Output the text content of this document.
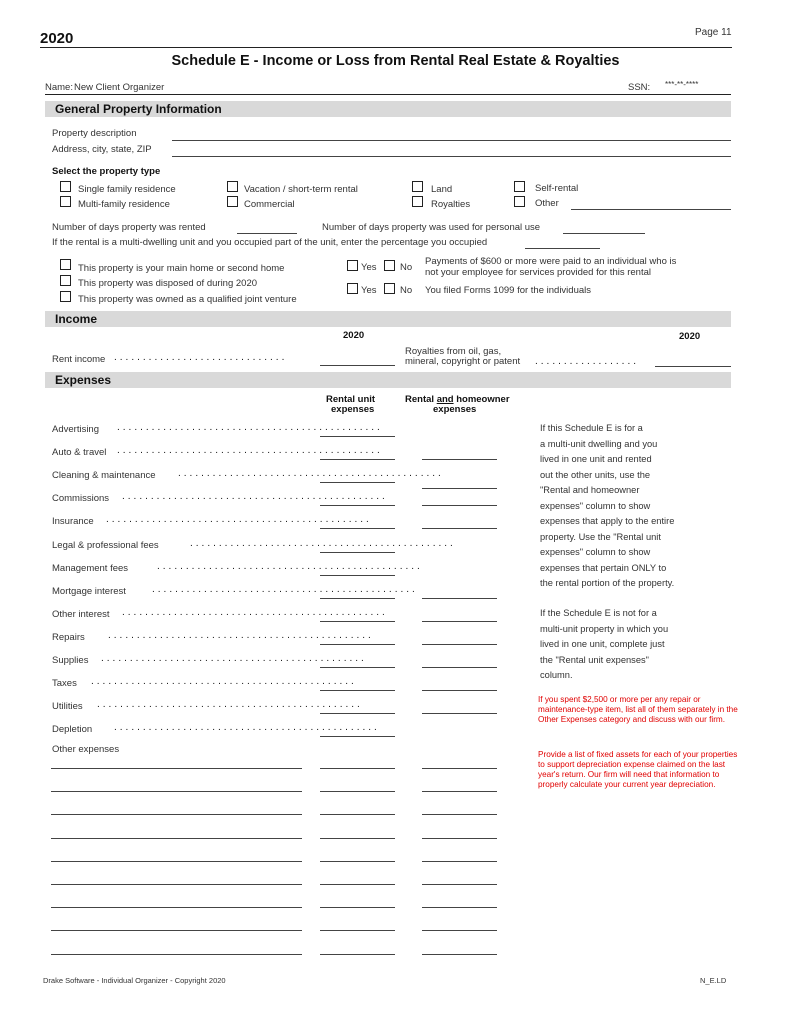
2020	Page 11
Schedule E - Income or Loss from Rental Real Estate & Royalties
Name: New Client Organizer	SSN: ***-**-****
General Property Information
Property description
Address, city, state, ZIP
Select the property type
Single family residence
Multi-family residence
Vacation / short-term rental
Commercial
Land
Royalties
Self-rental
Other
Number of days property was rented	Number of days property was used for personal use
If the rental is a multi-dwelling unit and you occupied part of the unit, enter the percentage you occupied
This property is your main home or second home
This property was disposed of during 2020
This property was owned as a qualified joint venture
Yes No
Payments of $600 or more were paid to an individual who is
not your employee for services provided for this rental
Yes No You filed Forms 1099 for the individuals
Income
2020	2020
Rent income ..............................
Royalties from oil, gas,
mineral, copyright or patent ..................
Expenses
Rental unit
expenses
Rental and homeowner
expenses
Advertising ..............................................
Auto & travel ..............................................
Cleaning & maintenance ..............................................
Commissions ..............................................
Insurance ..............................................
Legal & professional fees	..............................................
Management fees	..............................................
Mortgage interest	..............................................
Other interest ..............................................
Repairs ..............................................
Supplies ..............................................
Taxes ..............................................
Utilities ..............................................
Depletion ..............................................
Other expenses
If this Schedule E is for a
a multi-unit dwelling and you
lived in one unit and rented
out the other units, use the
"Rental and homeowner
expenses" column to show
expenses that apply to the entire
property. Use the "Rental unit
expenses" column to show
expenses that pertain ONLY to
the rental portion of the property.
If the Schedule E is not for a
multi-unit property in which you
lived in one unit, complete just
the "Rental unit expenses"
column.
If you spent $2,500 or more per any repair or maintenance-type item, list all of them separately in the Other Expenses category and discuss with our firm.
Provide a list of fixed assets for each of your properties to support depreciation expense claimed on the last year's return. Our firm will need that information to properly calculate your current year depreciation.
Drake Software - Individual Organizer - Copyright 2020	N_E.LD
